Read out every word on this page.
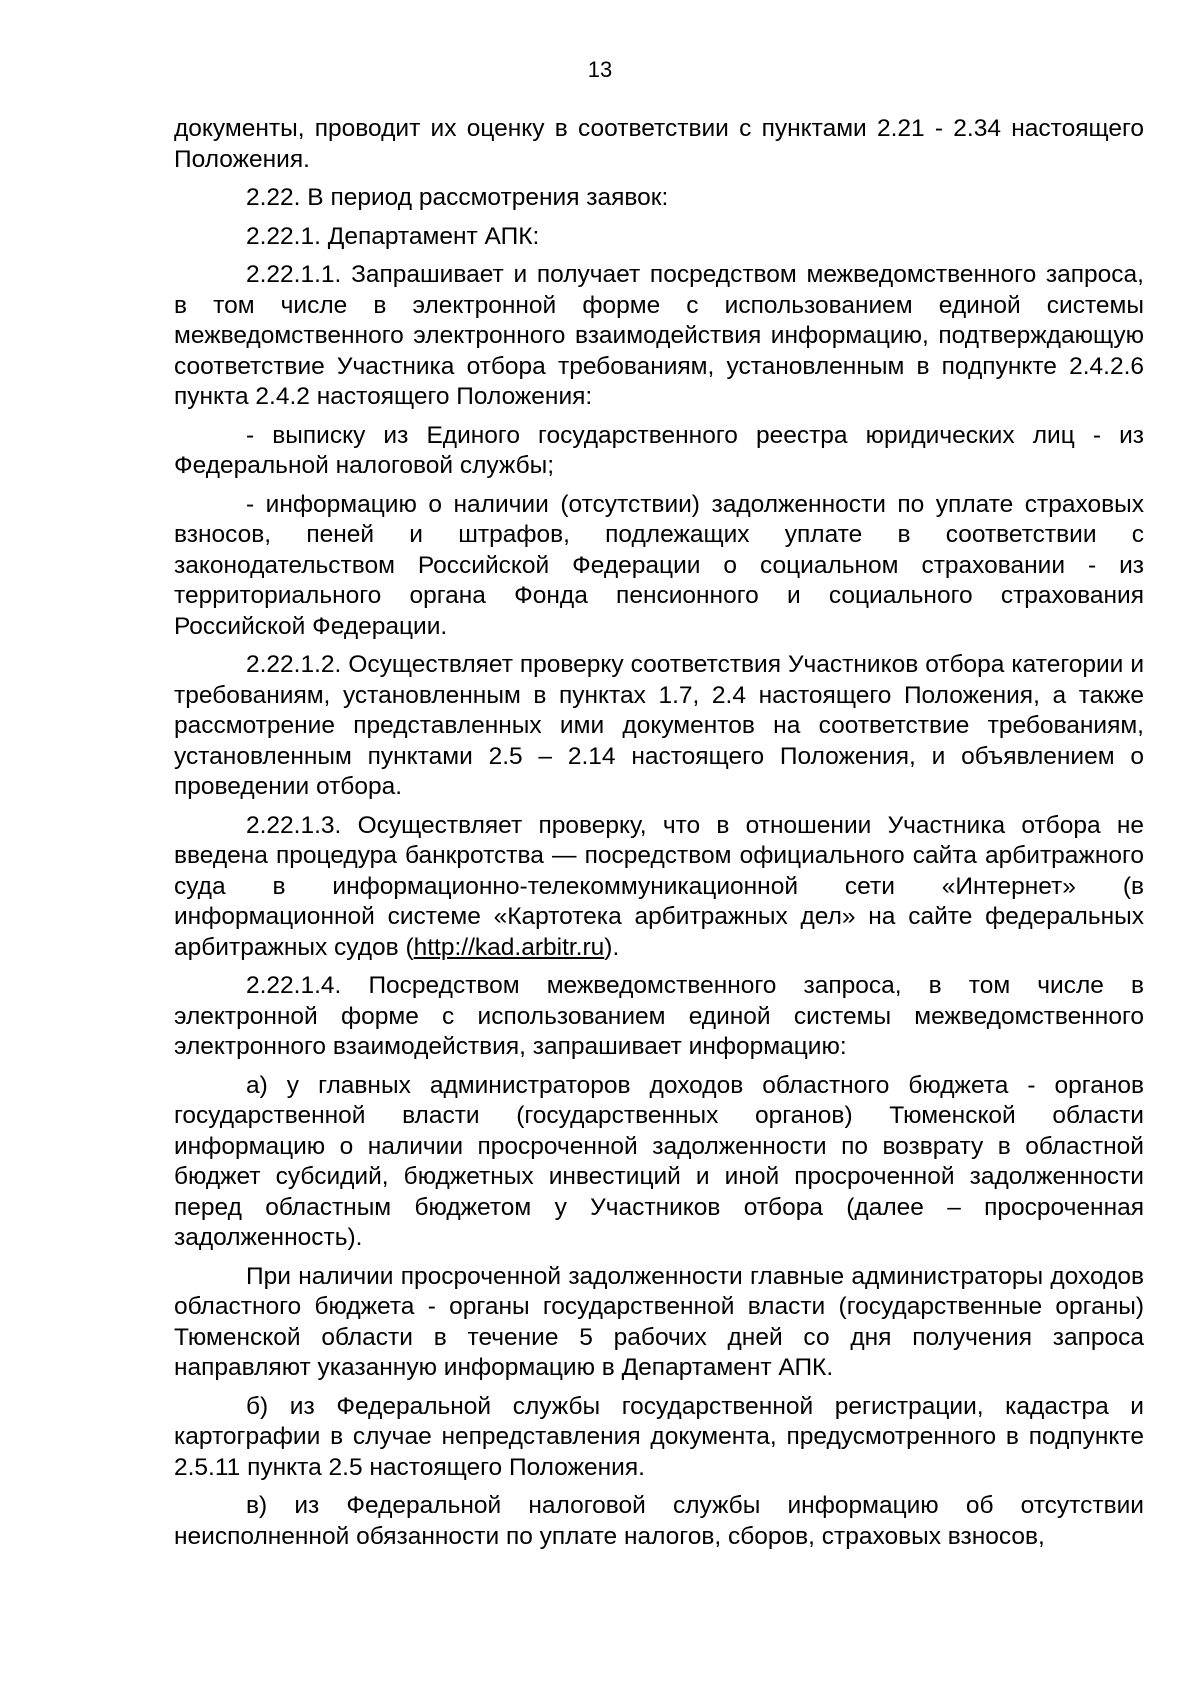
13

документы, проводит их оценку в соответствии с пунктами 2.21 - 2.34 настоящего Положения.

2.22. В период рассмотрения заявок:

2.22.1. Департамент АПК:

2.22.1.1. Запрашивает и получает посредством межведомственного запроса, в том числе в электронной форме с использованием единой системы межведомственного электронного взаимодействия информацию, подтверждающую соответствие Участника отбора требованиям, установленным в подпункте 2.4.2.6 пункта 2.4.2 настоящего Положения:

- выписку из Единого государственного реестра юридических лиц - из Федеральной налоговой службы;

- информацию о наличии (отсутствии) задолженности по уплате страховых взносов, пеней и штрафов, подлежащих уплате в соответствии с законодательством Российской Федерации о социальном страховании - из территориального органа Фонда пенсионного и социального страхования Российской Федерации.

2.22.1.2. Осуществляет проверку соответствия Участников отбора категории и требованиям, установленным в пунктах 1.7, 2.4 настоящего Положения, а также рассмотрение представленных ими документов на соответствие требованиям, установленным пунктами 2.5 – 2.14 настоящего Положения, и объявлением о проведении отбора.

2.22.1.3. Осуществляет проверку, что в отношении Участника отбора не введена процедура банкротства — посредством официального сайта арбитражного суда в информационно-телекоммуникационной сети «Интернет» (в информационной системе «Картотека арбитражных дел» на сайте федеральных арбитражных судов (http://kad.arbitr.ru).

2.22.1.4. Посредством межведомственного запроса, в том числе в электронной форме с использованием единой системы межведомственного электронного взаимодействия, запрашивает информацию:

а) у главных администраторов доходов областного бюджета - органов государственной власти (государственных органов) Тюменской области информацию о наличии просроченной задолженности по возврату в областной бюджет субсидий, бюджетных инвестиций и иной просроченной задолженности перед областным бюджетом у Участников отбора (далее – просроченная задолженность).

При наличии просроченной задолженности главные администраторы доходов областного бюджета - органы государственной власти (государственные органы) Тюменской области в течение 5 рабочих дней со дня получения запроса направляют указанную информацию в Департамент АПК.

б) из Федеральной службы государственной регистрации, кадастра и картографии в случае непредставления документа, предусмотренного в подпункте 2.5.11 пункта 2.5 настоящего Положения.

в) из Федеральной налоговой службы информацию об отсутствии неисполненной обязанности по уплате налогов, сборов, страховых взносов,
